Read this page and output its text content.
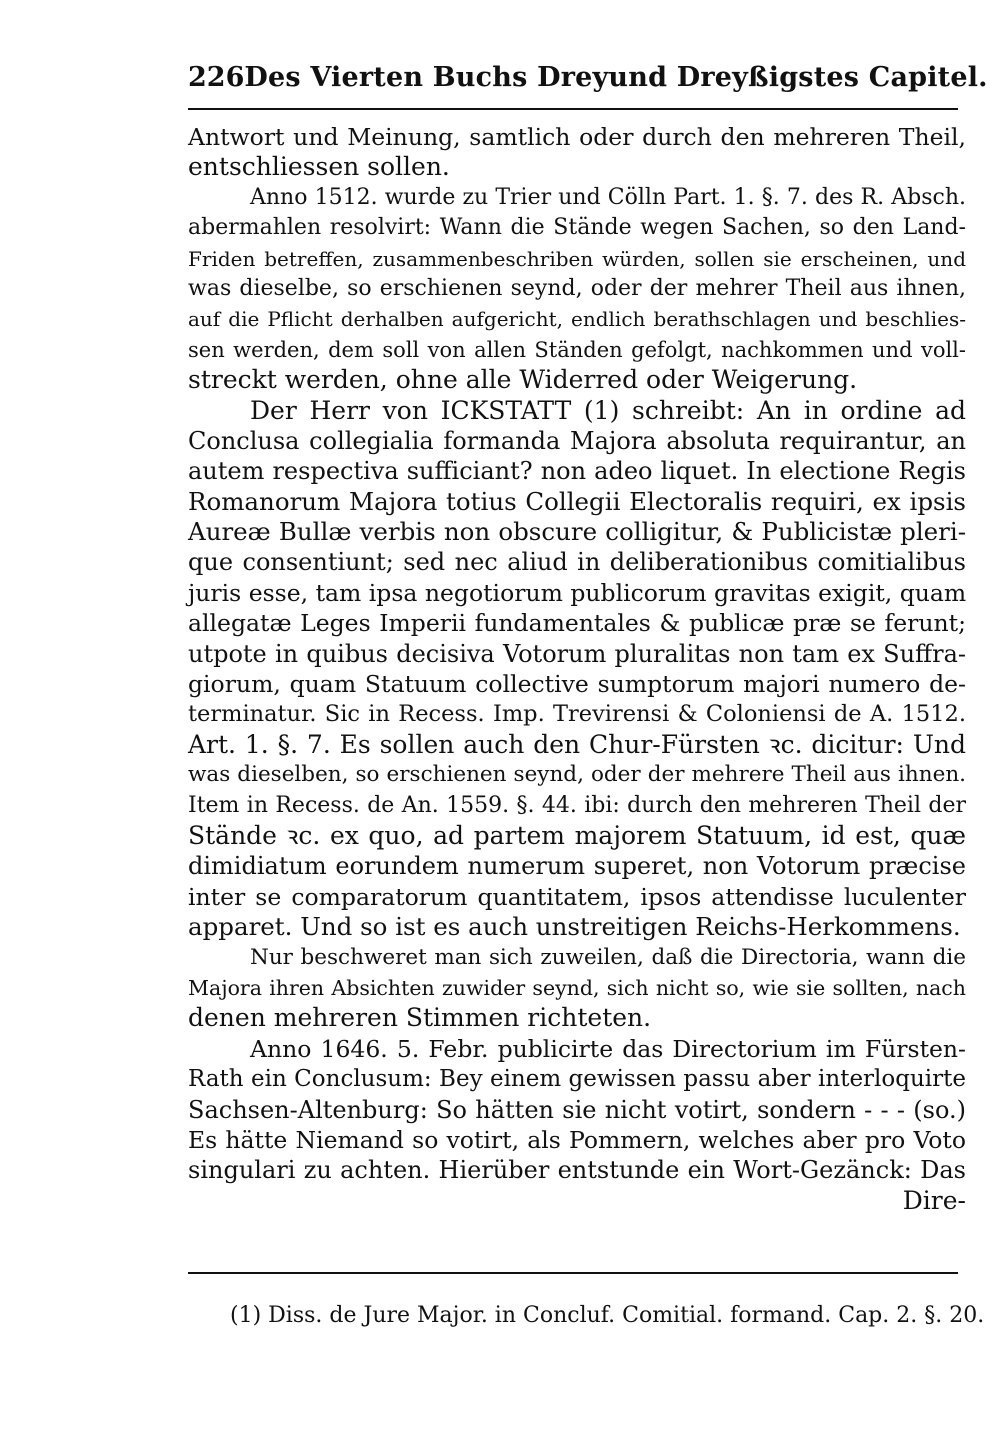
226 Des Vierten Buchs Dreyund Dreyßigstes Capitel.
Antwort und Meinung, samtlich oder durch den mehreren Theil,
entschliessen sollen.
Anno 1512. wurde zu Trier und Cölln Part. 1. §. 7. des R. Absch.
abermahlen resolvirt: Wann die Stände wegen Sachen, so den Land-
Friden betreffen, zusammenbeschriben würden, sollen sie erscheinen, und
was dieselbe, so erschienen seynd, oder der mehrer Theil aus ihnen,
auf die Pflicht derhalben aufgericht, endlich berathschlagen und beschlies-
sen werden, dem soll von allen Ständen gefolgt, nachkommen und voll-
streckt werden, ohne alle Widerred oder Weigerung.
Der Herr von ICKSTATT (1) schreibt: An in ordine ad
Conclusa collegialia formanda Majora absoluta requirantur, an
autem respectiva sufficiant? non adeo liquet. In electione Regis
Romanorum Majora totius Collegii Electoralis requiri, ex ipsis
Aureæ Bullæ verbis non obscure colligitur, & Publicistæ pleri-
que consentiunt; sed nec aliud in deliberationibus comitialibus
juris esse, tam ipsa negotiorum publicorum gravitas exigit, quam
allegatæ Leges Imperii fundamentales & publicæ præ se ferunt;
utpote in quibus decisiva Votorum pluralitas non tam ex Suffra-
giorum, quam Statuum collective sumptorum majori numero de-
terminatur. Sic in Recess. Imp. Trevirensi & Coloniensi de A. 1512.
Art. 1. §. 7. Es sollen auch den Chur-Fürsten ꝛc. dicitur: Und
was dieselben, so erschienen seynd, oder der mehrere Theil aus ihnen.
Item in Recess. de An. 1559. §. 44. ibi: durch den mehreren Theil der
Stände ꝛc. ex quo, ad partem majorem Statuum, id est, quæ
dimidiatum eorundem numerum superet, non Votorum præcise
inter se comparatorum quantitatem, ipsos attendisse luculenter
apparet. Und so ist es auch unstreitigen Reichs-Herkommens.
Nur beschweret man sich zuweilen, daß die Directoria, wann die
Majora ihren Absichten zuwider seynd, sich nicht so, wie sie sollten, nach
denen mehreren Stimmen richteten.
Anno 1646. 5. Febr. publicirte das Directorium im Fürsten-
Rath ein Conclusum: Bey einem gewissen passu aber interloquirte
Sachsen-Altenburg: So hätten sie nicht votirt, sondern - - - (so.)
Es hätte Niemand so votirt, als Pommern, welches aber pro Voto
singulari zu achten. Hierüber entstunde ein Wort-Gezänck: Das
Dire-
(1) Diss. de Jure Major. in Concluf. Comitial. formand. Cap. 2. §. 20.
